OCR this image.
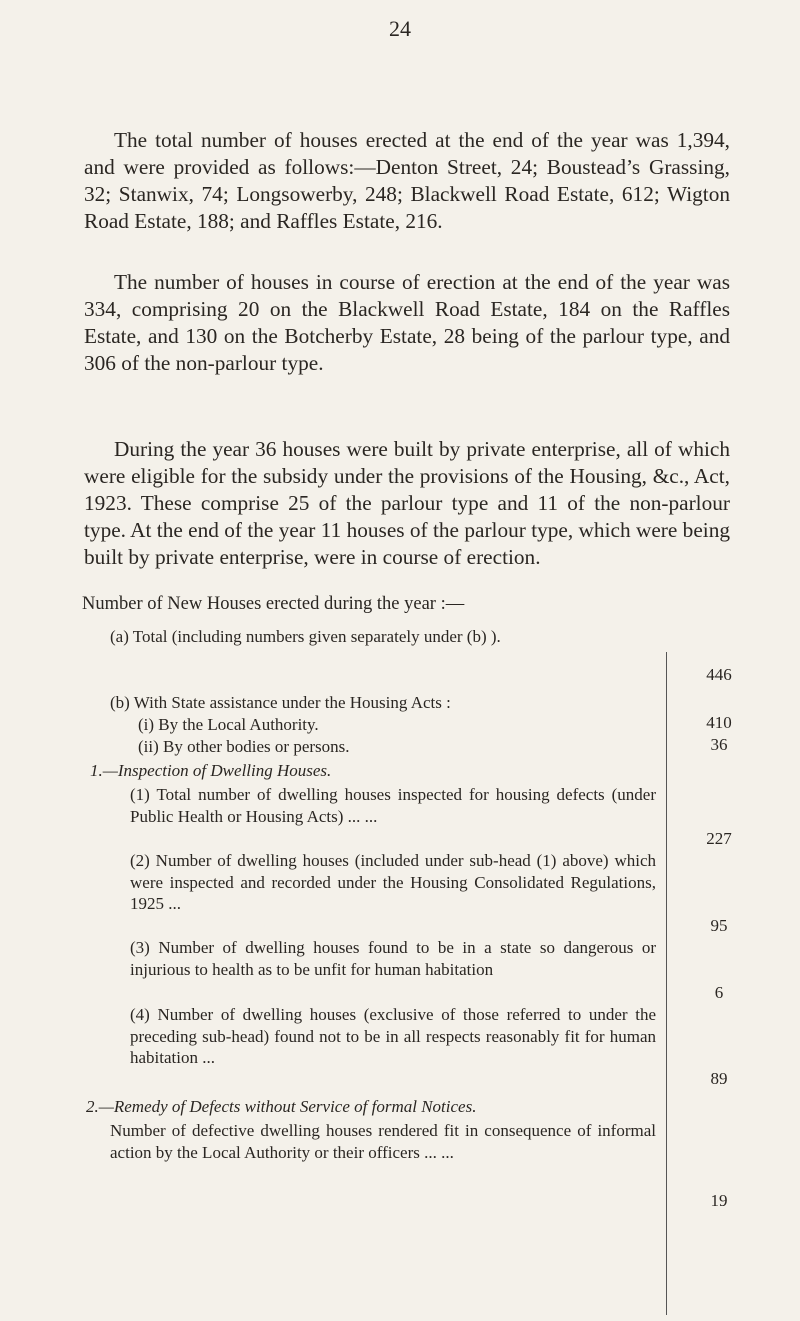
24

The total number of houses erected at the end of the year was 1,394, and were provided as follows:—Denton Street, 24; Boustead’s Grassing, 32; Stanwix, 74; Longsowerby, 248; Blackwell Road Estate, 612; Wigton Road Estate, 188; and Raffles Estate, 216.

The number of houses in course of erection at the end of the year was 334, comprising 20 on the Blackwell Road Estate, 184 on the Raffles Estate, and 130 on the Botcherby Estate, 28 being of the parlour type, and 306 of the non-parlour type.

During the year 36 houses were built by private enterprise, all of which were eligible for the subsidy under the provisions of the Housing, &c., Act, 1923. These comprise 25 of the parlour type and 11 of the non-parlour type. At the end of the year 11 houses of the parlour type, which were being built by private enterprise, were in course of erection.

Number of New Houses erected during the year :—

(a) Total (including numbers given separately under (b) ).

446

(b) With State assistance under the Housing Acts :

(i) By the Local Authority.	410

(ii) By other bodies or persons.	36

1.—Inspection of Dwelling Houses.

(1) Total number of dwelling houses inspected for housing defects (under Public Health or Housing Acts) ... ...

227

(2) Number of dwelling houses (included under sub-head (1) above) which were inspected and recorded under the Housing Consolidated Regulations, 1925 ...

95

(3) Number of dwelling houses found to be in a state so dangerous or injurious to health as to be unfit for human habitation

6

(4) Number of dwelling houses (exclusive of those referred to under the preceding sub-head) found not to be in all respects reasonably fit for human habitation ...

89

2.—Remedy of Defects without Service of formal Notices.

Number of defective dwelling houses rendered fit in consequence of informal action by the Local Authority or their officers ... ...

19
